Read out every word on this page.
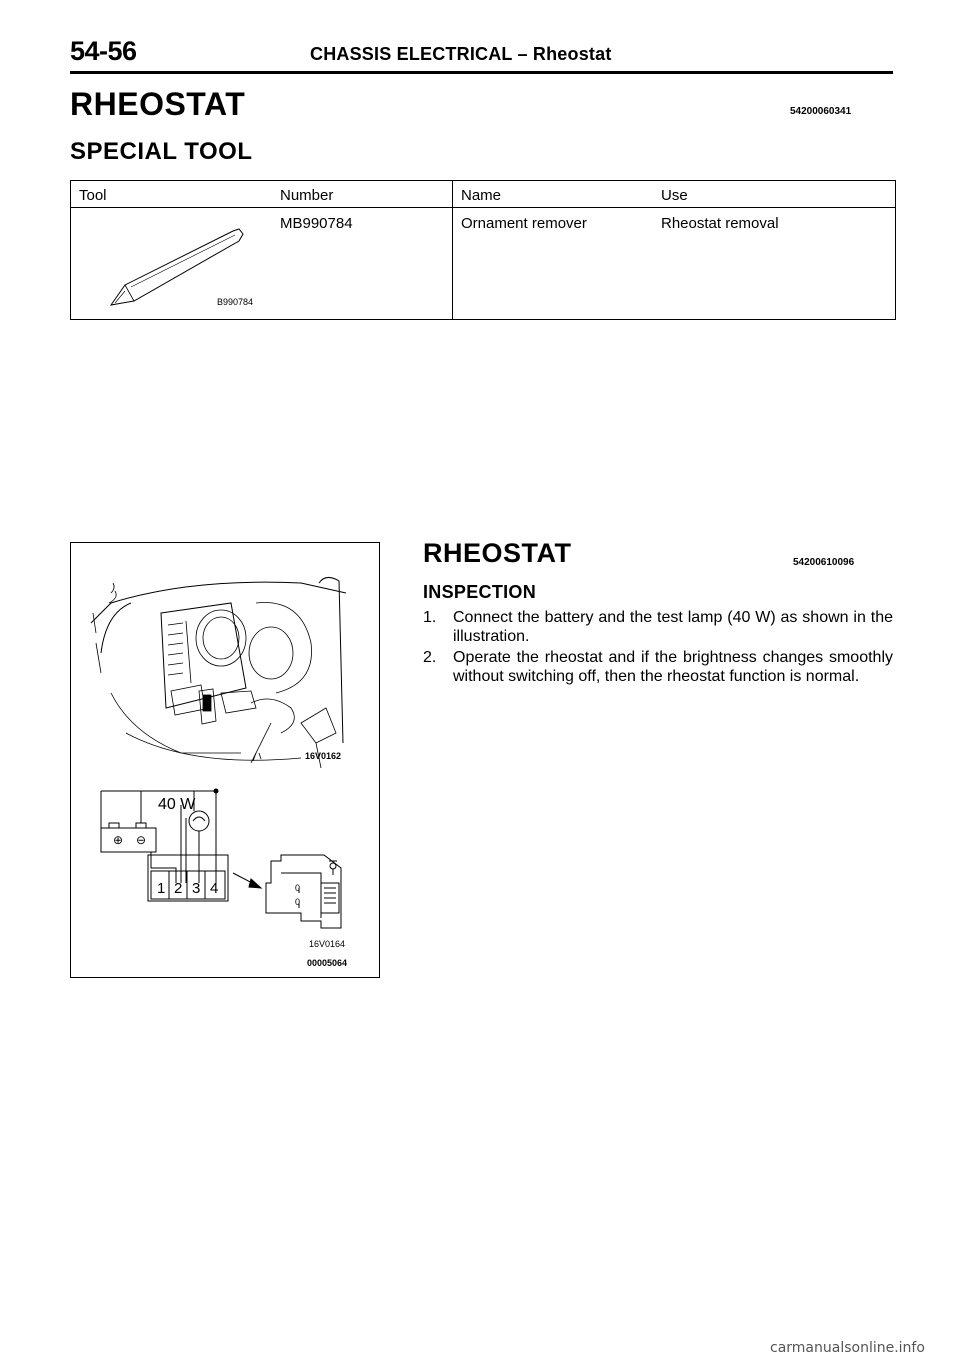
54-56	CHASSIS ELECTRICAL – Rheostat
RHEOSTAT	54200060341
SPECIAL TOOL
Tool	Number	Name	Use
B990784
MB990784	Ornament remover	Rheostat removal
40 W
⊕ ⊖
1 2 3 4	0
0
16V0162
16V0164
00005064
RHEOSTAT	54200610096
INSPECTION
1. Connect the battery and the test lamp (40 W) as shown in the illustration.
2. Operate the rheostat and if the brightness changes smoothly without switching off, then the rheostat function is normal.
carmanualsonline.info
